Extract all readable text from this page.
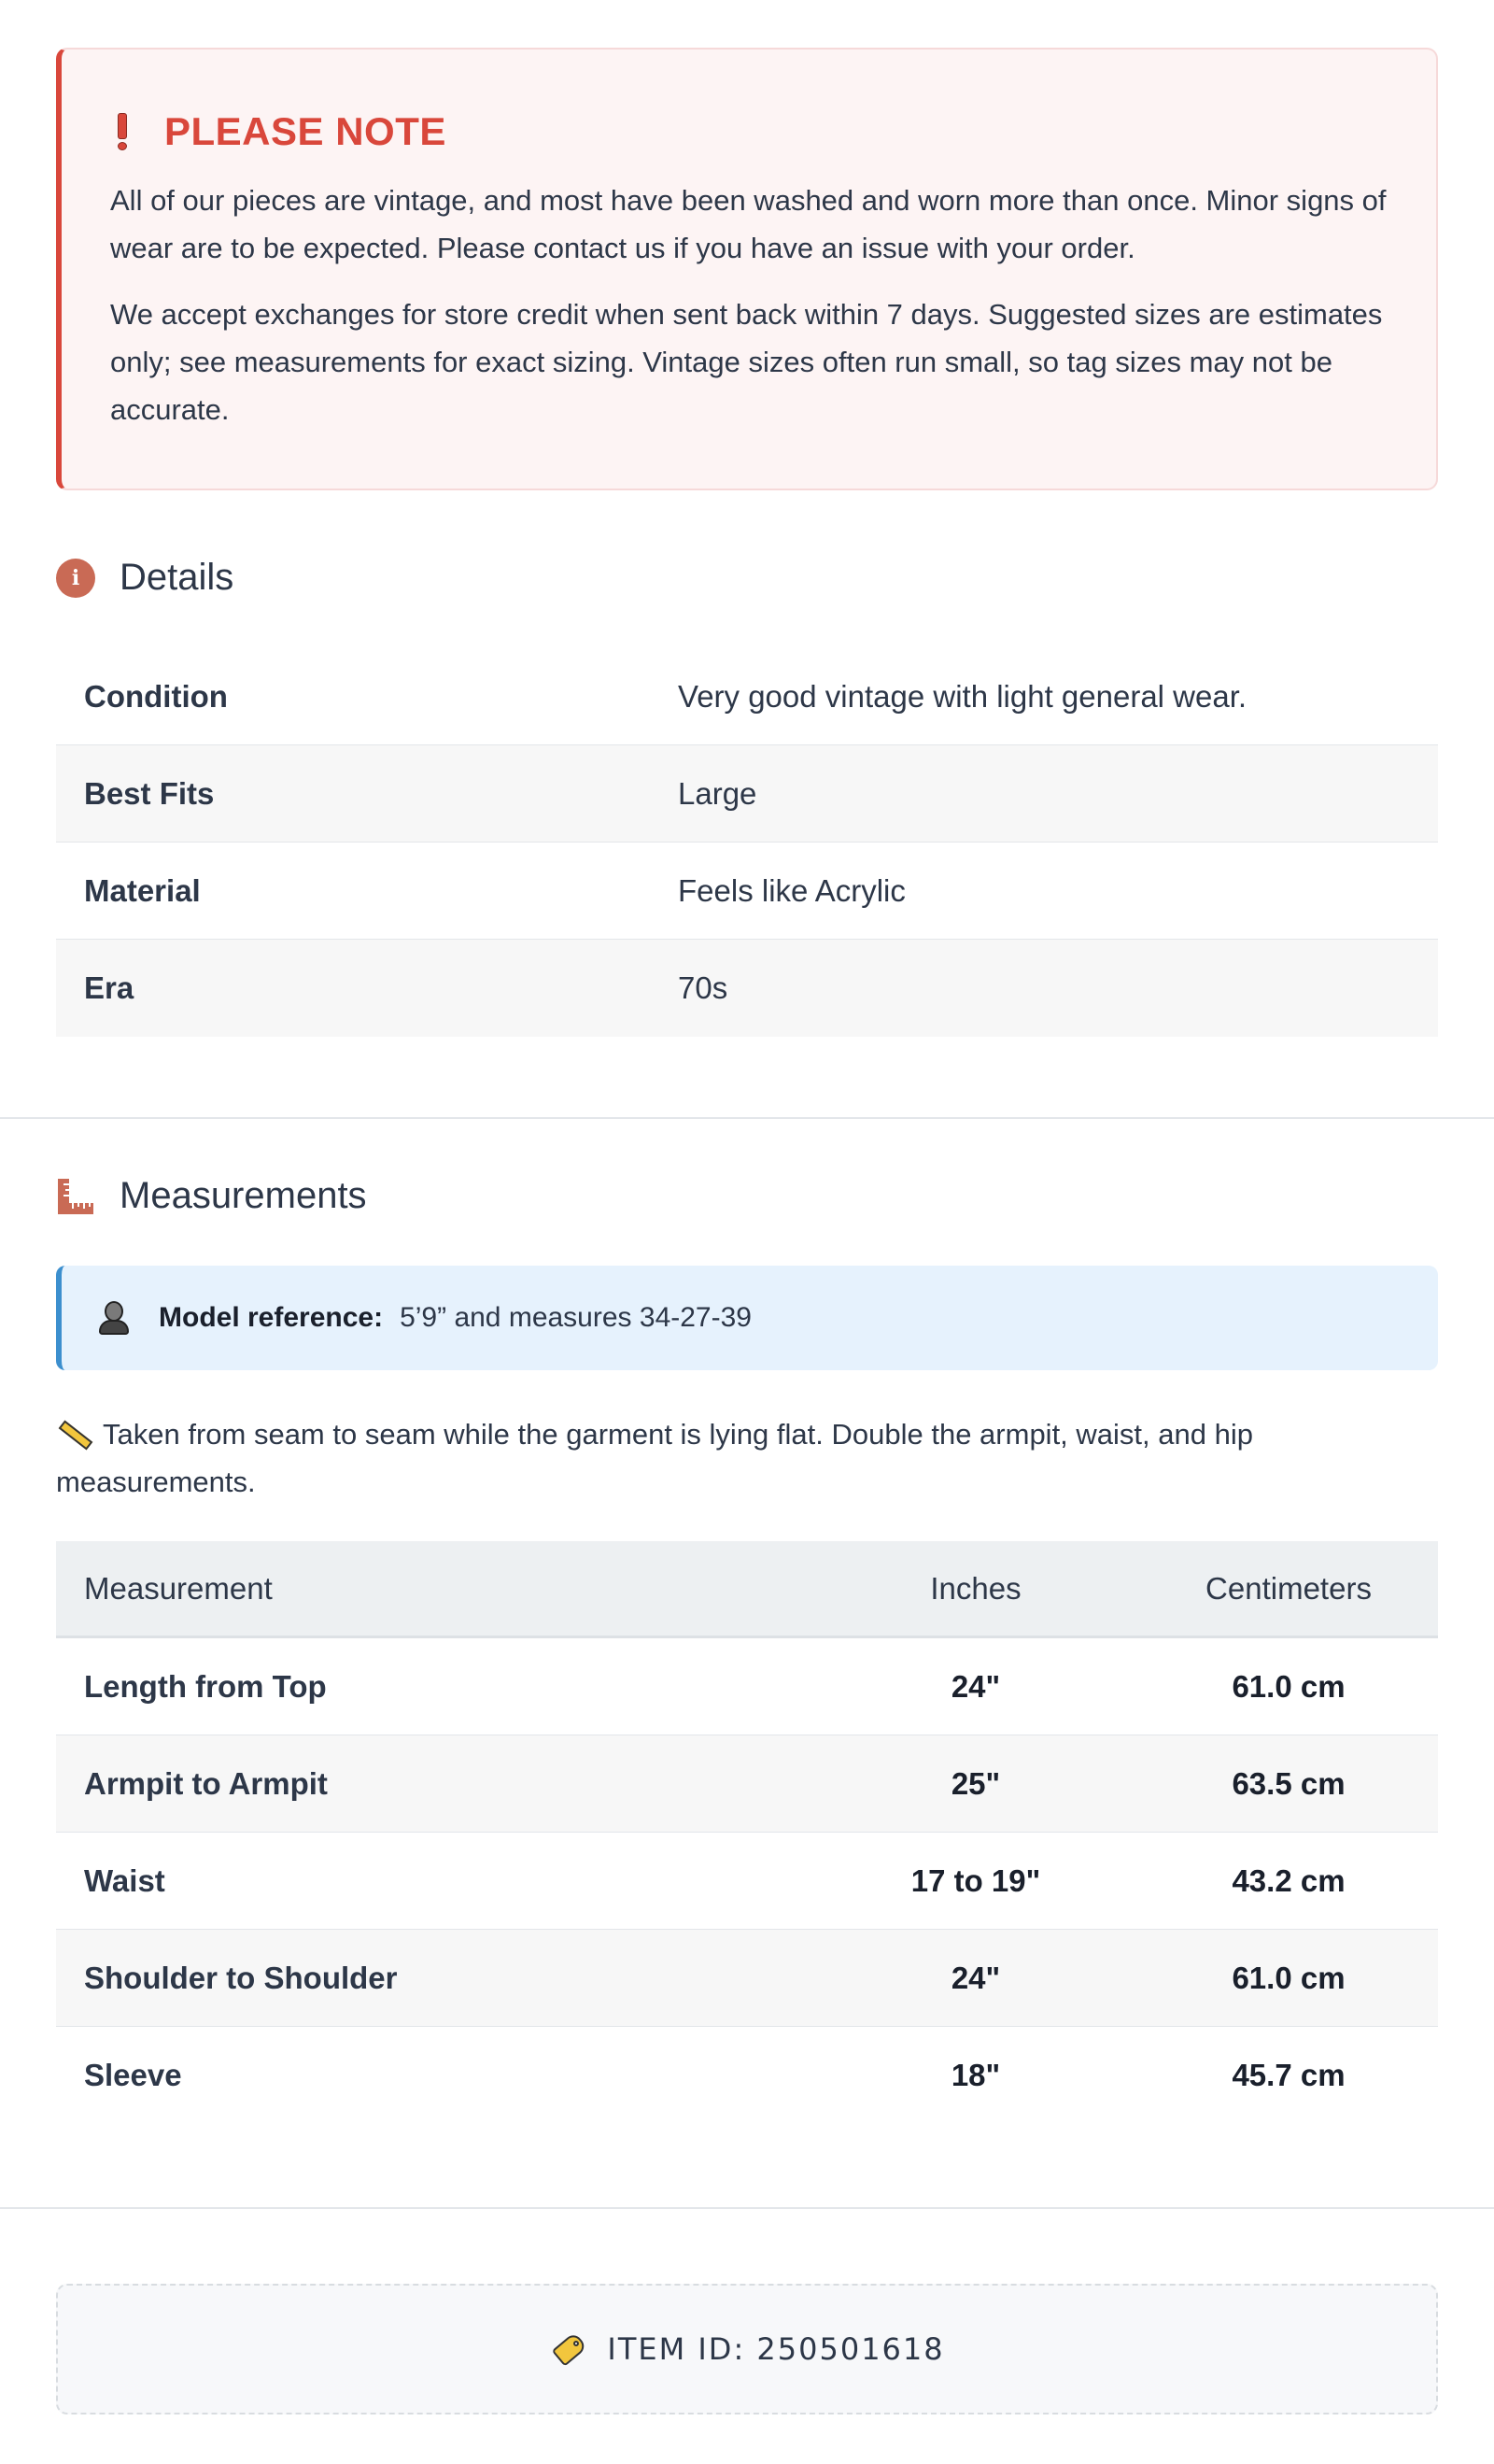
PLEASE NOTE

All of our pieces are vintage, and most have been washed and worn more than once. Minor signs of wear are to be expected. Please contact us if you have an issue with your order.

We accept exchanges for store credit when sent back within 7 days. Suggested sizes are estimates only; see measurements for exact sizing. Vintage sizes often run small, so tag sizes may not be accurate.

i	Details
Condition	Very good vintage with light general wear.
Best Fits	Large
Material	Feels like Acrylic
Era	70s
Measurements
Model reference: 5’9” and measures 34-27-39
Taken from seam to seam while the garment is lying flat. Double the armpit, waist, and hip measurements.
Measurement	Inches	Centimeters
Length from Top	24"	61.0 cm
Armpit to Armpit	25"	63.5 cm
Waist	17 to 19"	43.2 cm
Shoulder to Shoulder	24"	61.0 cm
Sleeve	18"	45.7 cm
ITEM ID: 250501618
